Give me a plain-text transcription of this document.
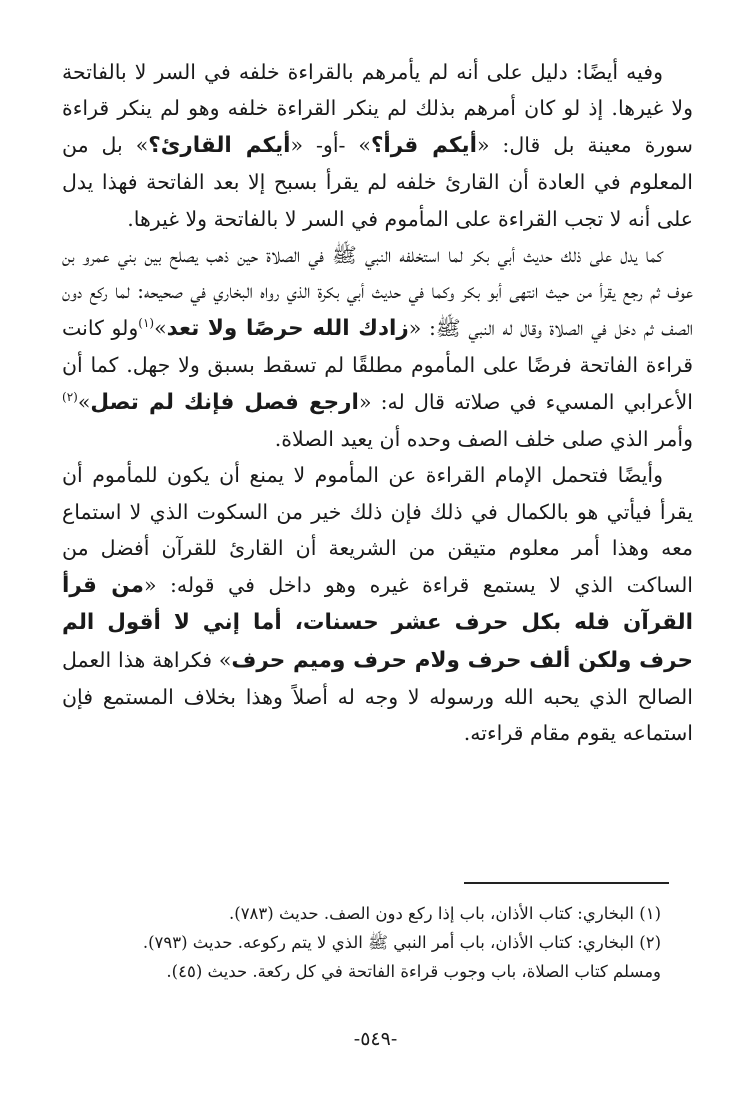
وفيه أيضًا: دليل على أنه لم يأمرهم بالقراءة خلفه في السر لا بالفاتحة ولا غيرها. إذ لو كان أمرهم بذلك لم ينكر القراءة خلفه وهو لم ينكر قراءة سورة معينة بل قال: «أيكم قرأ؟» -أو- «أيكم القارئ؟» بل من المعلوم في العادة أن القارئ خلفه لم يقرأ بسبح إلا بعد الفاتحة فهذا يدل على أنه لا تجب القراءة على المأموم في السر لا بالفاتحة ولا غيرها.

كما يدل على ذلك حديث أبي بكر لما استخلفه النبي ﷺ في الصلاة حين ذهب يصلح بين بني عمرو بن عوف ثم رجع يقرأ من حيث انتهى أبو بكر وكما في حديث أبي بكرة الذي رواه البخاري في صحيحه: لما ركع دون الصف ثم دخل في الصلاة وقال له النبي ﷺ: «زادك الله حرصًا ولا تعد»$^{(١)}$ولو كانت قراءة الفاتحة فرضًا على المأموم مطلقًا لم تسقط بسبق ولا جهل. كما أن الأعرابي المسيء في صلاته قال له: «ارجع فصل فإنك لم تصل»$^{(٢)}$ وأمر الذي صلى خلف الصف وحده أن يعيد الصلاة.

وأيضًا فتحمل الإمام القراءة عن المأموم لا يمنع أن يكون للمأموم أن يقرأ فيأتي هو بالكمال في ذلك فإن ذلك خير من السكوت الذي لا استماع معه وهذا أمر معلوم متيقن من الشريعة أن القارئ للقرآن أفضل من الساكت الذي لا يستمع قراءة غيره وهو داخل في قوله: «من قرأ القرآن فله بكل حرف عشر حسنات، أما إني لا أقول الم حرف ولكن ألف حرف ولام حرف وميم حرف» فكراهة هذا العمل الصالح الذي يحبه الله ورسوله لا وجه له أصلاً وهذا بخلاف المستمع فإن استماعه يقوم مقام قراءته.

(١) البخاري: كتاب الأذان، باب إذا ركع دون الصف. حديث (٧٨٣).

(٢) البخاري: كتاب الأذان، باب أمر النبي ﷺ الذي لا يتم ركوعه. حديث (٧٩٣).

ومسلم كتاب الصلاة، باب وجوب قراءة الفاتحة في كل ركعة. حديث (٤٥).

-٥٤٩-
